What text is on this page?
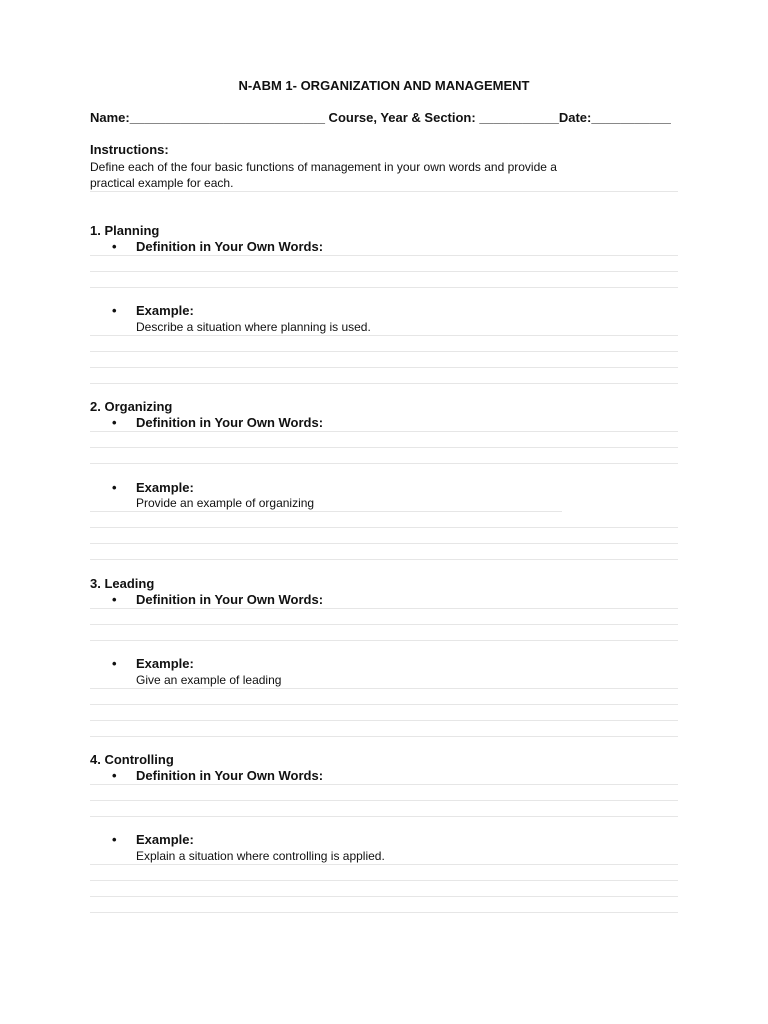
N-ABM 1- ORGANIZATION AND MANAGEMENT
Name:___________________________ Course, Year & Section: ___________Date:___________
Instructions:
Define each of the four basic functions of management in your own words and provide a
practical example for each.
1. Planning
• Definition in Your Own Words:
• Example:
Describe a situation where planning is used.
2. Organizing
• Definition in Your Own Words:
• Example:
Provide an example of organizing
3. Leading
• Definition in Your Own Words:
• Example:
Give an example of leading
4. Controlling
• Definition in Your Own Words:
• Example:
Explain a situation where controlling is applied.
